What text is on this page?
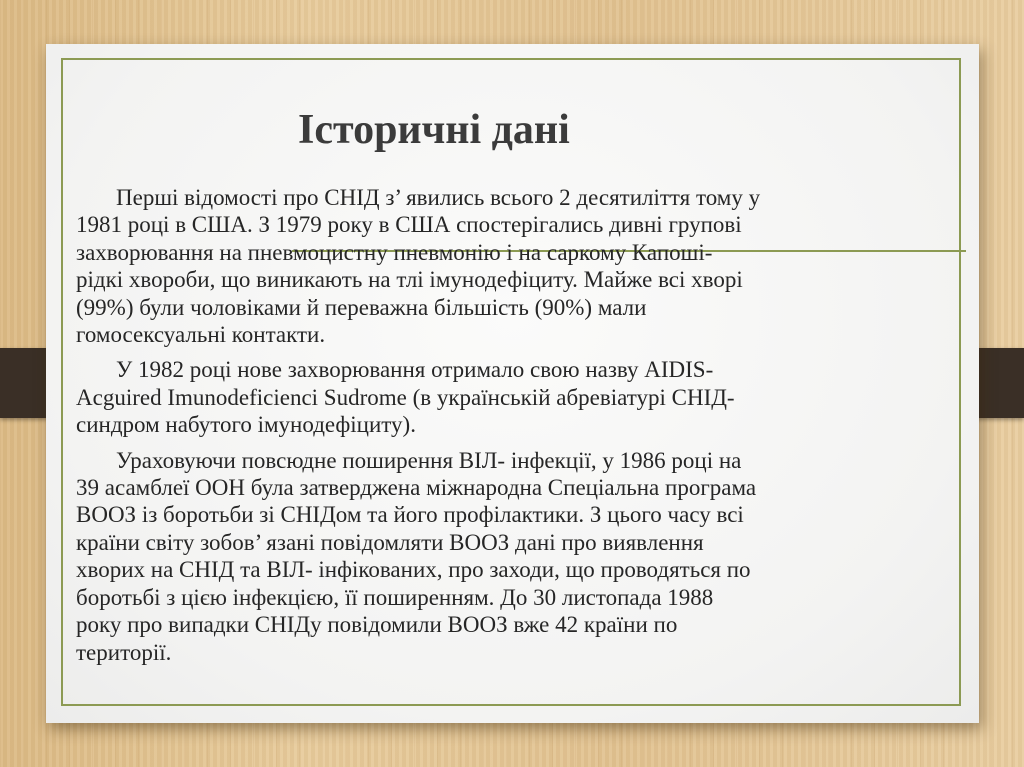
Історичні дані

Перші відомості про СНІД з’ явились всього 2 десятиліття тому у
1981 році в США. З 1979 року в США спостерігались дивні групові
захворювання на пневмоцистну пневмонію і на саркому Капоші-
рідкі хвороби, що виникають на тлі імунодефіциту. Майже всі хворі
(99%) були чоловіками й переважна більшість (90%) мали
гомосексуальні контакти.

У 1982 році нове захворювання отримало свою назву AIDIS-
Acguired Imunodeficienci Sudrome (в українській абревіатурі СНІД-
синдром набутого імунодефіциту).

Ураховуючи повсюдне поширення ВІЛ- інфекції, у 1986 році на
39 асамблеї ООН була затверджена міжнародна Спеціальна програма
ВООЗ із боротьби зі СНІДом та його профілактики. З цього часу всі
країни світу зобов’ язані повідомляти ВООЗ дані про виявлення
хворих на СНІД та ВІЛ- інфікованих, про заходи, що проводяться по
боротьбі з цією інфекцією, її поширенням. До 30 листопада 1988
року про випадки СНІДу повідомили ВООЗ вже 42 країни по
території.
